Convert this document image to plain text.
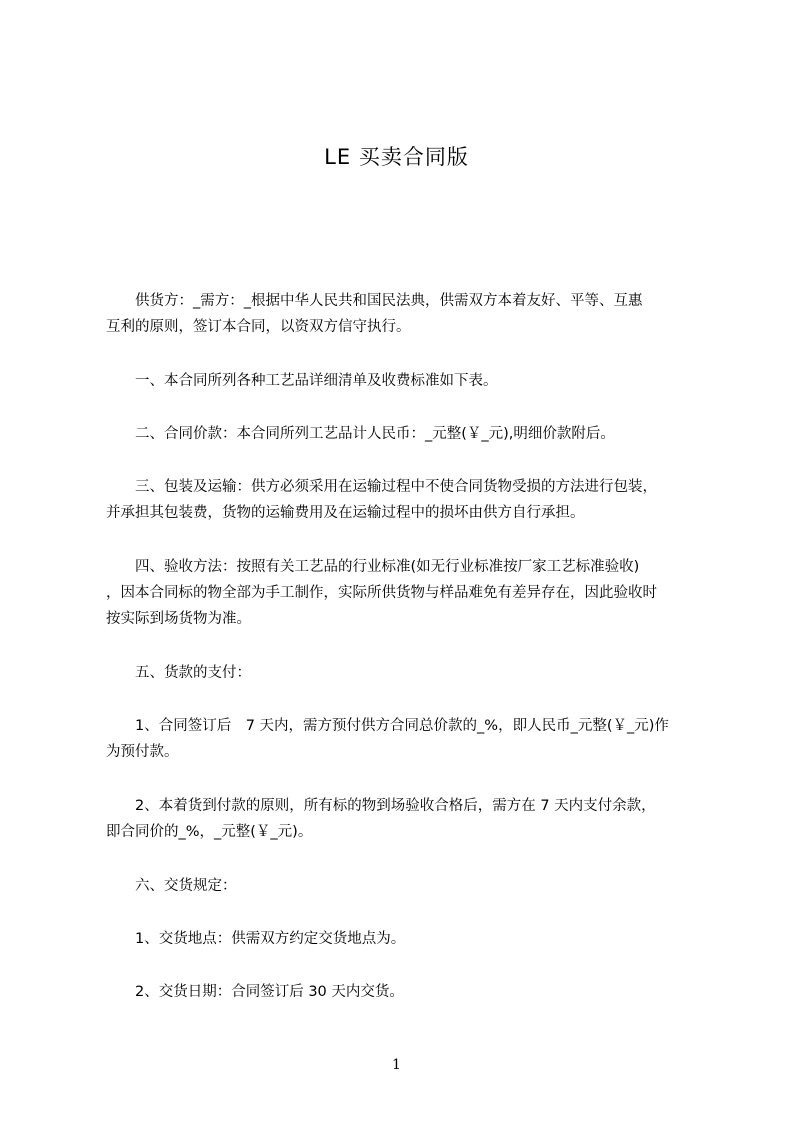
LE 买卖合同版
　　供货方：_需方：_根据中华人民共和国民法典，供需双方本着友好、平等、互惠
互利的原则，签订本合同，以资双方信守执行。
　　一、本合同所列各种工艺品详细清单及收费标准如下表。
　　二、合同价款：本合同所列工艺品计人民币：_元整(￥_元),明细价款附后。
　　三、包装及运输：供方必须采用在运输过程中不使合同货物受损的方法进行包装，
并承担其包装费，货物的运输费用及在运输过程中的损坏由供方自行承担。
　　四、验收方法：按照有关工艺品的行业标准(如无行业标准按厂家工艺标准验收)
，因本合同标的物全部为手工制作，实际所供货物与样品难免有差异存在，因此验收时
按实际到场货物为准。
　　五、货款的支付：
　　1、合同签订后　7 天内，需方预付供方合同总价款的_%，即人民币_元整(￥_元)作
为预付款。
　　2、本着货到付款的原则，所有标的物到场验收合格后，需方在 7 天内支付余款，
即合同价的_%，_元整(￥_元)。
　　六、交货规定：
　　1、交货地点：供需双方约定交货地点为。
　　2、交货日期：合同签订后 30 天内交货。
1
